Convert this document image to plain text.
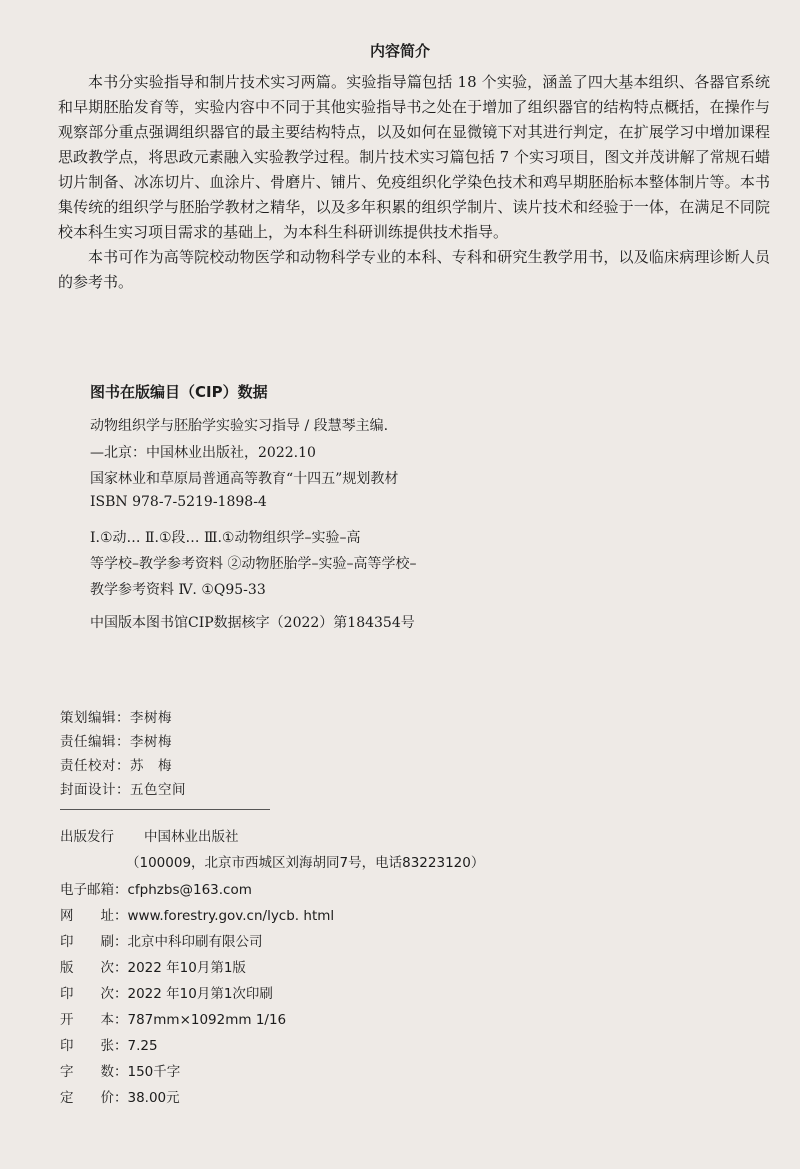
内容简介

本书分实验指导和制片技术实习两篇。实验指导篇包括 18 个实验，涵盖了四大基本组织、各器官系统和早期胚胎发育等，实验内容中不同于其他实验指导书之处在于增加了组织器官的结构特点概括，在操作与观察部分重点强调组织器官的最主要结构特点，以及如何在显微镜下对其进行判定，在扩展学习中增加课程思政教学点，将思政元素融入实验教学过程。制片技术实习篇包括 7 个实习项目，图文并茂讲解了常规石蜡切片制备、冰冻切片、血涂片、骨磨片、铺片、免疫组织化学染色技术和鸡早期胚胎标本整体制片等。本书集传统的组织学与胚胎学教材之精华，以及多年积累的组织学制片、读片技术和经验于一体，在满足不同院校本科生实习项目需求的基础上，为本科生科研训练提供技术指导。

本书可作为高等院校动物医学和动物科学专业的本科、专科和研究生教学用书，以及临床病理诊断人员的参考书。

图书在版编目（CIP）数据
动物组织学与胚胎学实验实习指导 / 段慧琴主编.
—北京：中国林业出版社，2022.10
国家林业和草原局普通高等教育“十四五”规划教材
ISBN 978-7-5219-1898-4
Ⅰ.①动… Ⅱ.①段… Ⅲ.①动物组织学–实验–高
等学校–教学参考资料 ②动物胚胎学–实验–高等学校–
教学参考资料 Ⅳ. ①Q95-33
中国版本图书馆CIP数据核字（2022）第184354号
策划编辑：李树梅
责任编辑：李树梅
责任校对：苏　梅
封面设计：五色空间
出版发行 中国林业出版社
（100009，北京市西城区刘海胡同7号，电话83223120）
电子邮箱：cfphzbs@163.com
网　　址：www.forestry.gov.cn/lycb. html
印　　刷：北京中科印刷有限公司
版　　次：2022 年10月第1版
印　　次：2022 年10月第1次印刷
开　　本：787mm×1092mm 1/16
印　　张：7.25
字　　数：150千字
定　　价：38.00元
